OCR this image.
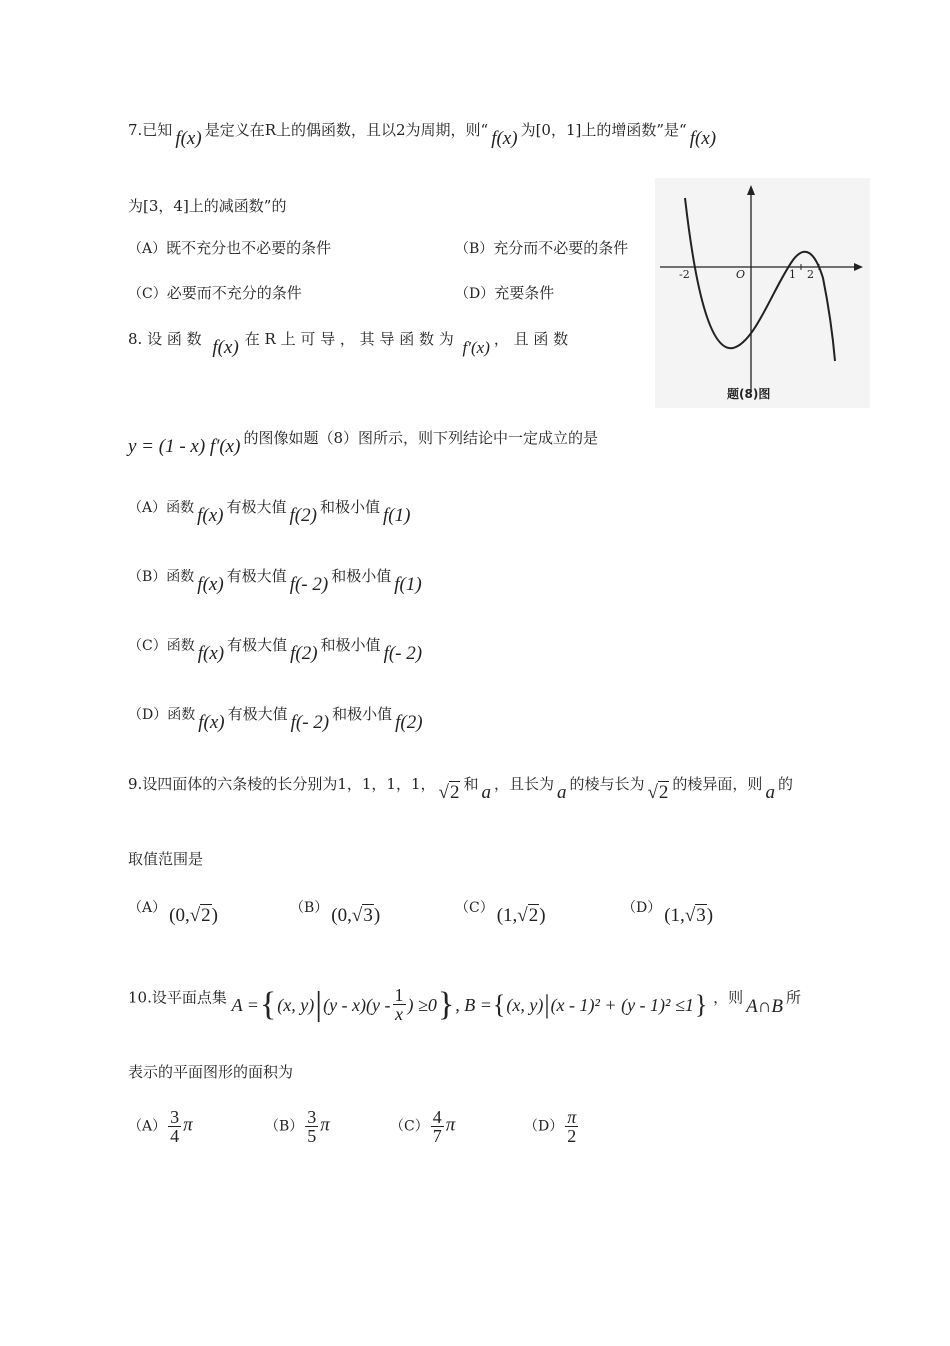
7.已知 f(x) 是定义在R上的偶函数，且以2为周期，则“ f(x) 为[0，1]上的增函数”是“ f(x)
为[3，4]上的减函数”的
（A）既不充分也不必要的条件	（B）充分而不必要的条件
（C）必要而不充分的条件	（D）充要条件
-2	O	1 2
题(8)图
8. 设 函 数 f(x) 在 R 上 可 导 ， 其 导 函 数 为 f′(x) ， 且 函 数
y = (1 - x) f′(x) 的图像如题（8）图所示，则下列结论中一定成立的是
（A）函数 f(x) 有极大值 f(2) 和极小值 f(1)
（B）函数 f(x) 有极大值 f(- 2) 和极小值 f(1)
（C）函数 f(x) 有极大值 f(2) 和极小值 f(- 2)
（D）函数 f(x) 有极大值 f(- 2) 和极小值 f(2)
9.设四面体的六条棱的长分别为1，1，1，1， √2 和 a ，且长为 a 的棱与长为 √2 的棱异面，则 a 的
取值范围是
（A） (0,√2)	（B） (0,√3)	（C） (1,√2)	（D） (1,√3)
10.设平面点集 A = { (x, y) | $(y - x)(y - \frac{1}{x}$ ) ≥0 } , B = { (x, y) | (x - 1)² + (y - 1)² ≤1 } ，则 A∩B 所
表示的平面图形的面积为
$(A) \frac{3}{4}$ π	$(B) \frac{3}{5}$ π	$(C) \frac{4}{7}$ π	$(D) \frac{\pi}{2}$
